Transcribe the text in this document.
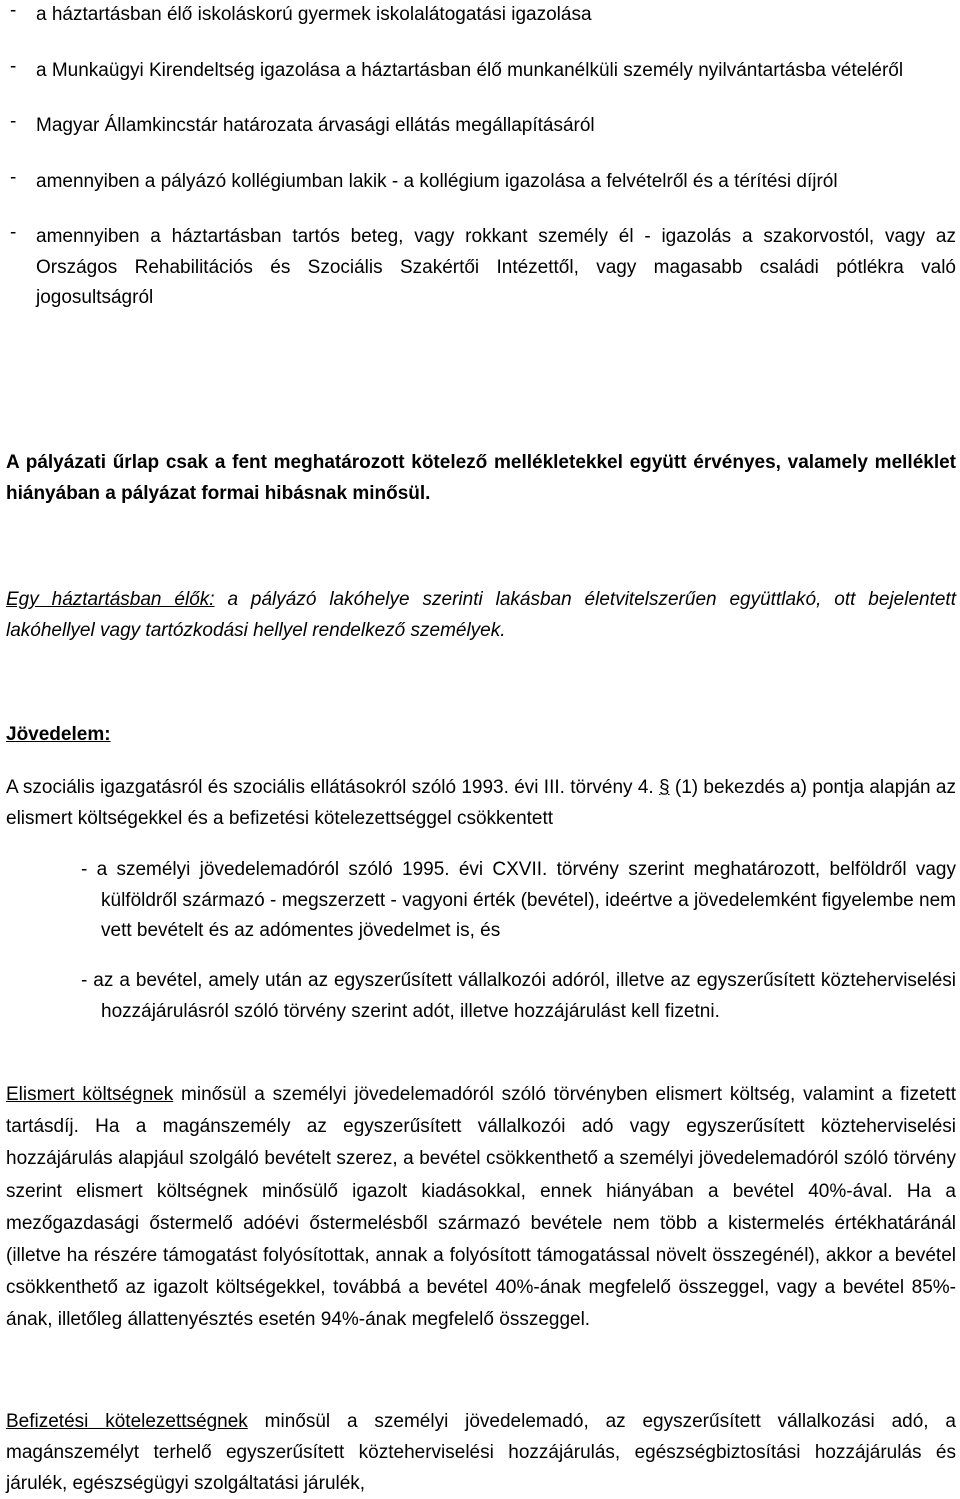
-	a háztartásban élő iskoláskorú gyermek iskolalátogatási igazolása
-	a Munkaügyi Kirendeltség igazolása a háztartásban élő munkanélküli személy nyilvántartásba vételéről
-	Magyar Államkincstár határozata árvasági ellátás megállapításáról
-	amennyiben a pályázó kollégiumban lakik - a kollégium igazolása a felvételről és a térítési díjról
-	amennyiben a háztartásban tartós beteg, vagy rokkant személy él - igazolás a szakorvostól, vagy az Országos Rehabilitációs és Szociális Szakértői Intézettől, vagy magasabb családi pótlékra való jogosultságról
A pályázati űrlap csak a fent meghatározott kötelező mellékletekkel együtt érvényes, valamely melléklet hiányában a pályázat formai hibásnak minősül.
Egy háztartásban élők: a pályázó lakóhelye szerinti lakásban életvitelszerűen együttlakó, ott bejelentett lakóhellyel vagy tartózkodási hellyel rendelkező személyek.
Jövedelem:
A szociális igazgatásról és szociális ellátásokról szóló 1993. évi III. törvény 4. § (1) bekezdés a) pontja alapján az elismert költségekkel és a befizetési kötelezettséggel csökkentett
- a személyi jövedelemadóról szóló 1995. évi CXVII. törvény szerint meghatározott, belföldről vagy külföldről származó - megszerzett - vagyoni érték (bevétel), ideértve a jövedelemként figyelembe nem vett bevételt és az adómentes jövedelmet is, és
- az a bevétel, amely után az egyszerűsített vállalkozói adóról, illetve az egyszerűsített közteherviselési hozzájárulásról szóló törvény szerint adót, illetve hozzájárulást kell fizetni.
Elismert költségnek minősül a személyi jövedelemadóról szóló törvényben elismert költség, valamint a fizetett tartásdíj. Ha a magánszemély az egyszerűsített vállalkozói adó vagy egyszerűsített közteherviselési hozzájárulás alapjául szolgáló bevételt szerez, a bevétel csökkenthető a személyi jövedelemadóról szóló törvény szerint elismert költségnek minősülő igazolt kiadásokkal, ennek hiányában a bevétel 40%-ával. Ha a mezőgazdasági őstermelő adóévi őstermelésből származó bevétele nem több a kistermelés értékhatáránál (illetve ha részére támogatást folyósítottak, annak a folyósított támogatással növelt összegénél), akkor a bevétel csökkenthető az igazolt költségekkel, továbbá a bevétel 40%-ának megfelelő összeggel, vagy a bevétel 85%-ának, illetőleg állattenyésztés esetén 94%-ának megfelelő összeggel.
Befizetési kötelezettségnek minősül a személyi jövedelemadó, az egyszerűsített vállalkozási adó, a magánszemélyt terhelő egyszerűsített közteherviselési hozzájárulás, egészségbiztosítási hozzájárulás és járulék, egészségügyi szolgáltatási járulék,
